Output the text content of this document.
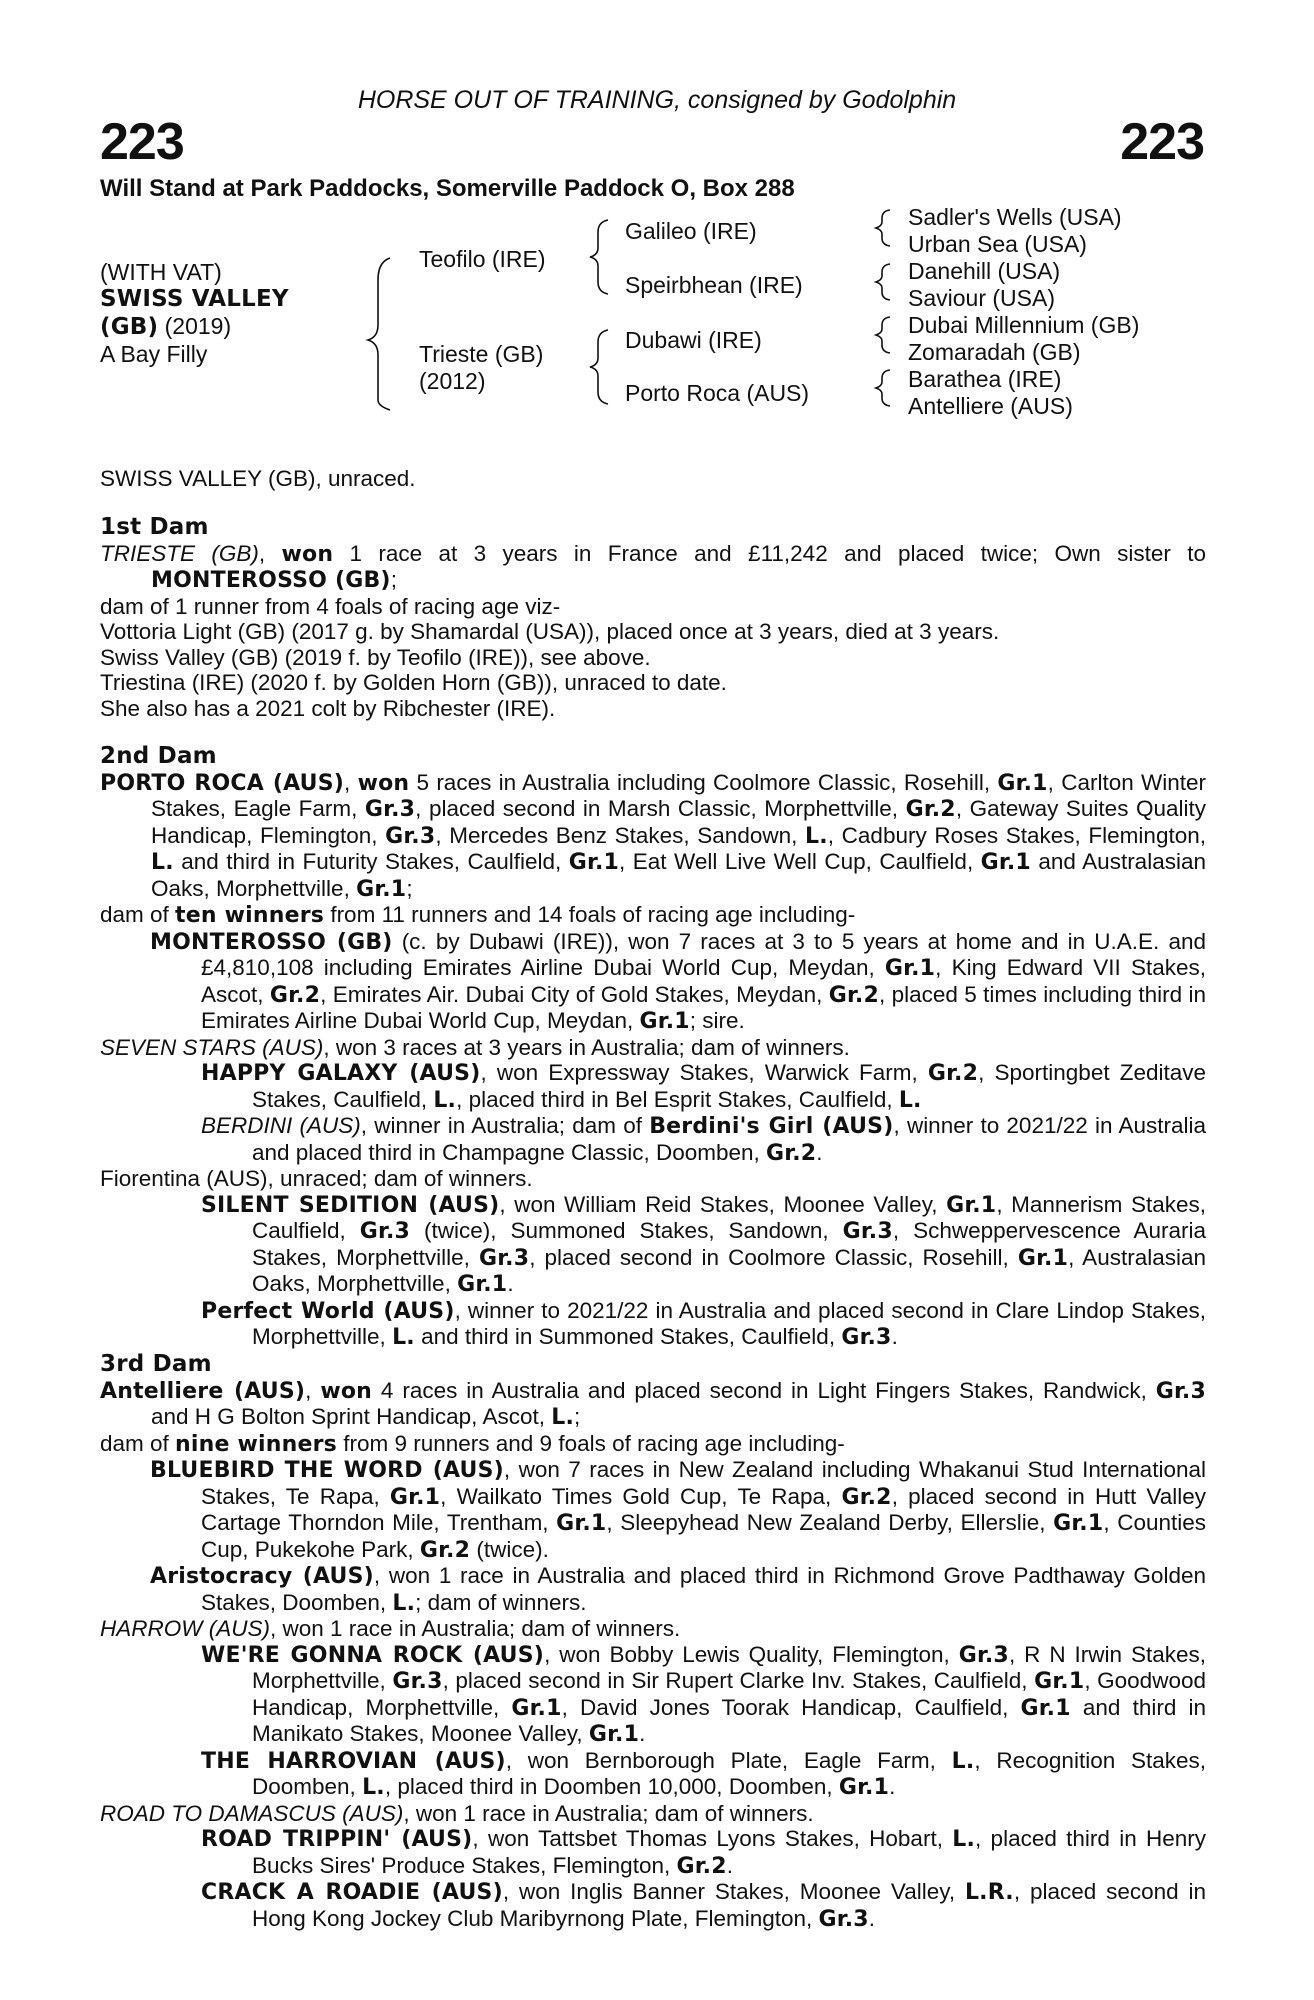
HORSE OUT OF TRAINING, consigned by Godolphin
223	223
Will Stand at Park Paddocks, Somerville Paddock O, Box 288
(WITH VAT)
SWISS VALLEY
(GB) (2019)
A Bay Filly
Teofilo (IRE)
Trieste (GB)
(2012)
Galileo (IRE)
Speirbhean (IRE)
Dubawi (IRE)
Porto Roca (AUS)
Sadler's Wells (USA)
Urban Sea (USA)
Danehill (USA)
Saviour (USA)
Dubai Millennium (GB)
Zomaradah (GB)
Barathea (IRE)
Antelliere (AUS)
SWISS VALLEY (GB), unraced.

1st Dam

TRIESTE (GB), won 1 race at 3 years in France and £11,242 and placed twice; Own sister to MONTEROSSO (GB);

dam of 1 runner from 4 foals of racing age viz-

Vottoria Light (GB) (2017 g. by Shamardal (USA)), placed once at 3 years, died at 3 years.

Swiss Valley (GB) (2019 f. by Teofilo (IRE)), see above.

Triestina (IRE) (2020 f. by Golden Horn (GB)), unraced to date.

She also has a 2021 colt by Ribchester (IRE).

2nd Dam

PORTO ROCA (AUS), won 5 races in Australia including Coolmore Classic, Rosehill, Gr.1, Carlton Winter Stakes, Eagle Farm, Gr.3, placed second in Marsh Classic, Morphettville, Gr.2, Gateway Suites Quality Handicap, Flemington, Gr.3, Mercedes Benz Stakes, Sandown, L., Cadbury Roses Stakes, Flemington, L. and third in Futurity Stakes, Caulfield, Gr.1, Eat Well Live Well Cup, Caulfield, Gr.1 and Australasian Oaks, Morphettville, Gr.1;

dam of ten winners from 11 runners and 14 foals of racing age including-

MONTEROSSO (GB) (c. by Dubawi (IRE)), won 7 races at 3 to 5 years at home and in U.A.E. and £4,810,108 including Emirates Airline Dubai World Cup, Meydan, Gr.1, King Edward VII Stakes, Ascot, Gr.2, Emirates Air. Dubai City of Gold Stakes, Meydan, Gr.2, placed 5 times including third in Emirates Airline Dubai World Cup, Meydan, Gr.1; sire.

SEVEN STARS (AUS), won 3 races at 3 years in Australia; dam of winners.

HAPPY GALAXY (AUS), won Expressway Stakes, Warwick Farm, Gr.2, Sportingbet Zeditave Stakes, Caulfield, L., placed third in Bel Esprit Stakes, Caulfield, L.

BERDINI (AUS), winner in Australia; dam of Berdini's Girl (AUS), winner to 2021/22 in Australia and placed third in Champagne Classic, Doomben, Gr.2.

Fiorentina (AUS), unraced; dam of winners.

SILENT SEDITION (AUS), won William Reid Stakes, Moonee Valley, Gr.1, Mannerism Stakes, Caulfield, Gr.3 (twice), Summoned Stakes, Sandown, Gr.3, Schweppervescence Auraria Stakes, Morphettville, Gr.3, placed second in Coolmore Classic, Rosehill, Gr.1, Australasian Oaks, Morphettville, Gr.1.

Perfect World (AUS), winner to 2021/22 in Australia and placed second in Clare Lindop Stakes, Morphettville, L. and third in Summoned Stakes, Caulfield, Gr.3.

3rd Dam

Antelliere (AUS), won 4 races in Australia and placed second in Light Fingers Stakes, Randwick, Gr.3 and H G Bolton Sprint Handicap, Ascot, L.;

dam of nine winners from 9 runners and 9 foals of racing age including-

BLUEBIRD THE WORD (AUS), won 7 races in New Zealand including Whakanui Stud International Stakes, Te Rapa, Gr.1, Wailkato Times Gold Cup, Te Rapa, Gr.2, placed second in Hutt Valley Cartage Thorndon Mile, Trentham, Gr.1, Sleepyhead New Zealand Derby, Ellerslie, Gr.1, Counties Cup, Pukekohe Park, Gr.2 (twice).

Aristocracy (AUS), won 1 race in Australia and placed third in Richmond Grove Padthaway Golden Stakes, Doomben, L.; dam of winners.

HARROW (AUS), won 1 race in Australia; dam of winners.

WE'RE GONNA ROCK (AUS), won Bobby Lewis Quality, Flemington, Gr.3, R N Irwin Stakes, Morphettville, Gr.3, placed second in Sir Rupert Clarke Inv. Stakes, Caulfield, Gr.1, Goodwood Handicap, Morphettville, Gr.1, David Jones Toorak Handicap, Caulfield, Gr.1 and third in Manikato Stakes, Moonee Valley, Gr.1.

THE HARROVIAN (AUS), won Bernborough Plate, Eagle Farm, L., Recognition Stakes, Doomben, L., placed third in Doomben 10,000, Doomben, Gr.1.

ROAD TO DAMASCUS (AUS), won 1 race in Australia; dam of winners.

ROAD TRIPPIN' (AUS), won Tattsbet Thomas Lyons Stakes, Hobart, L., placed third in Henry Bucks Sires' Produce Stakes, Flemington, Gr.2.

CRACK A ROADIE (AUS), won Inglis Banner Stakes, Moonee Valley, L.R., placed second in Hong Kong Jockey Club Maribyrnong Plate, Flemington, Gr.3.
